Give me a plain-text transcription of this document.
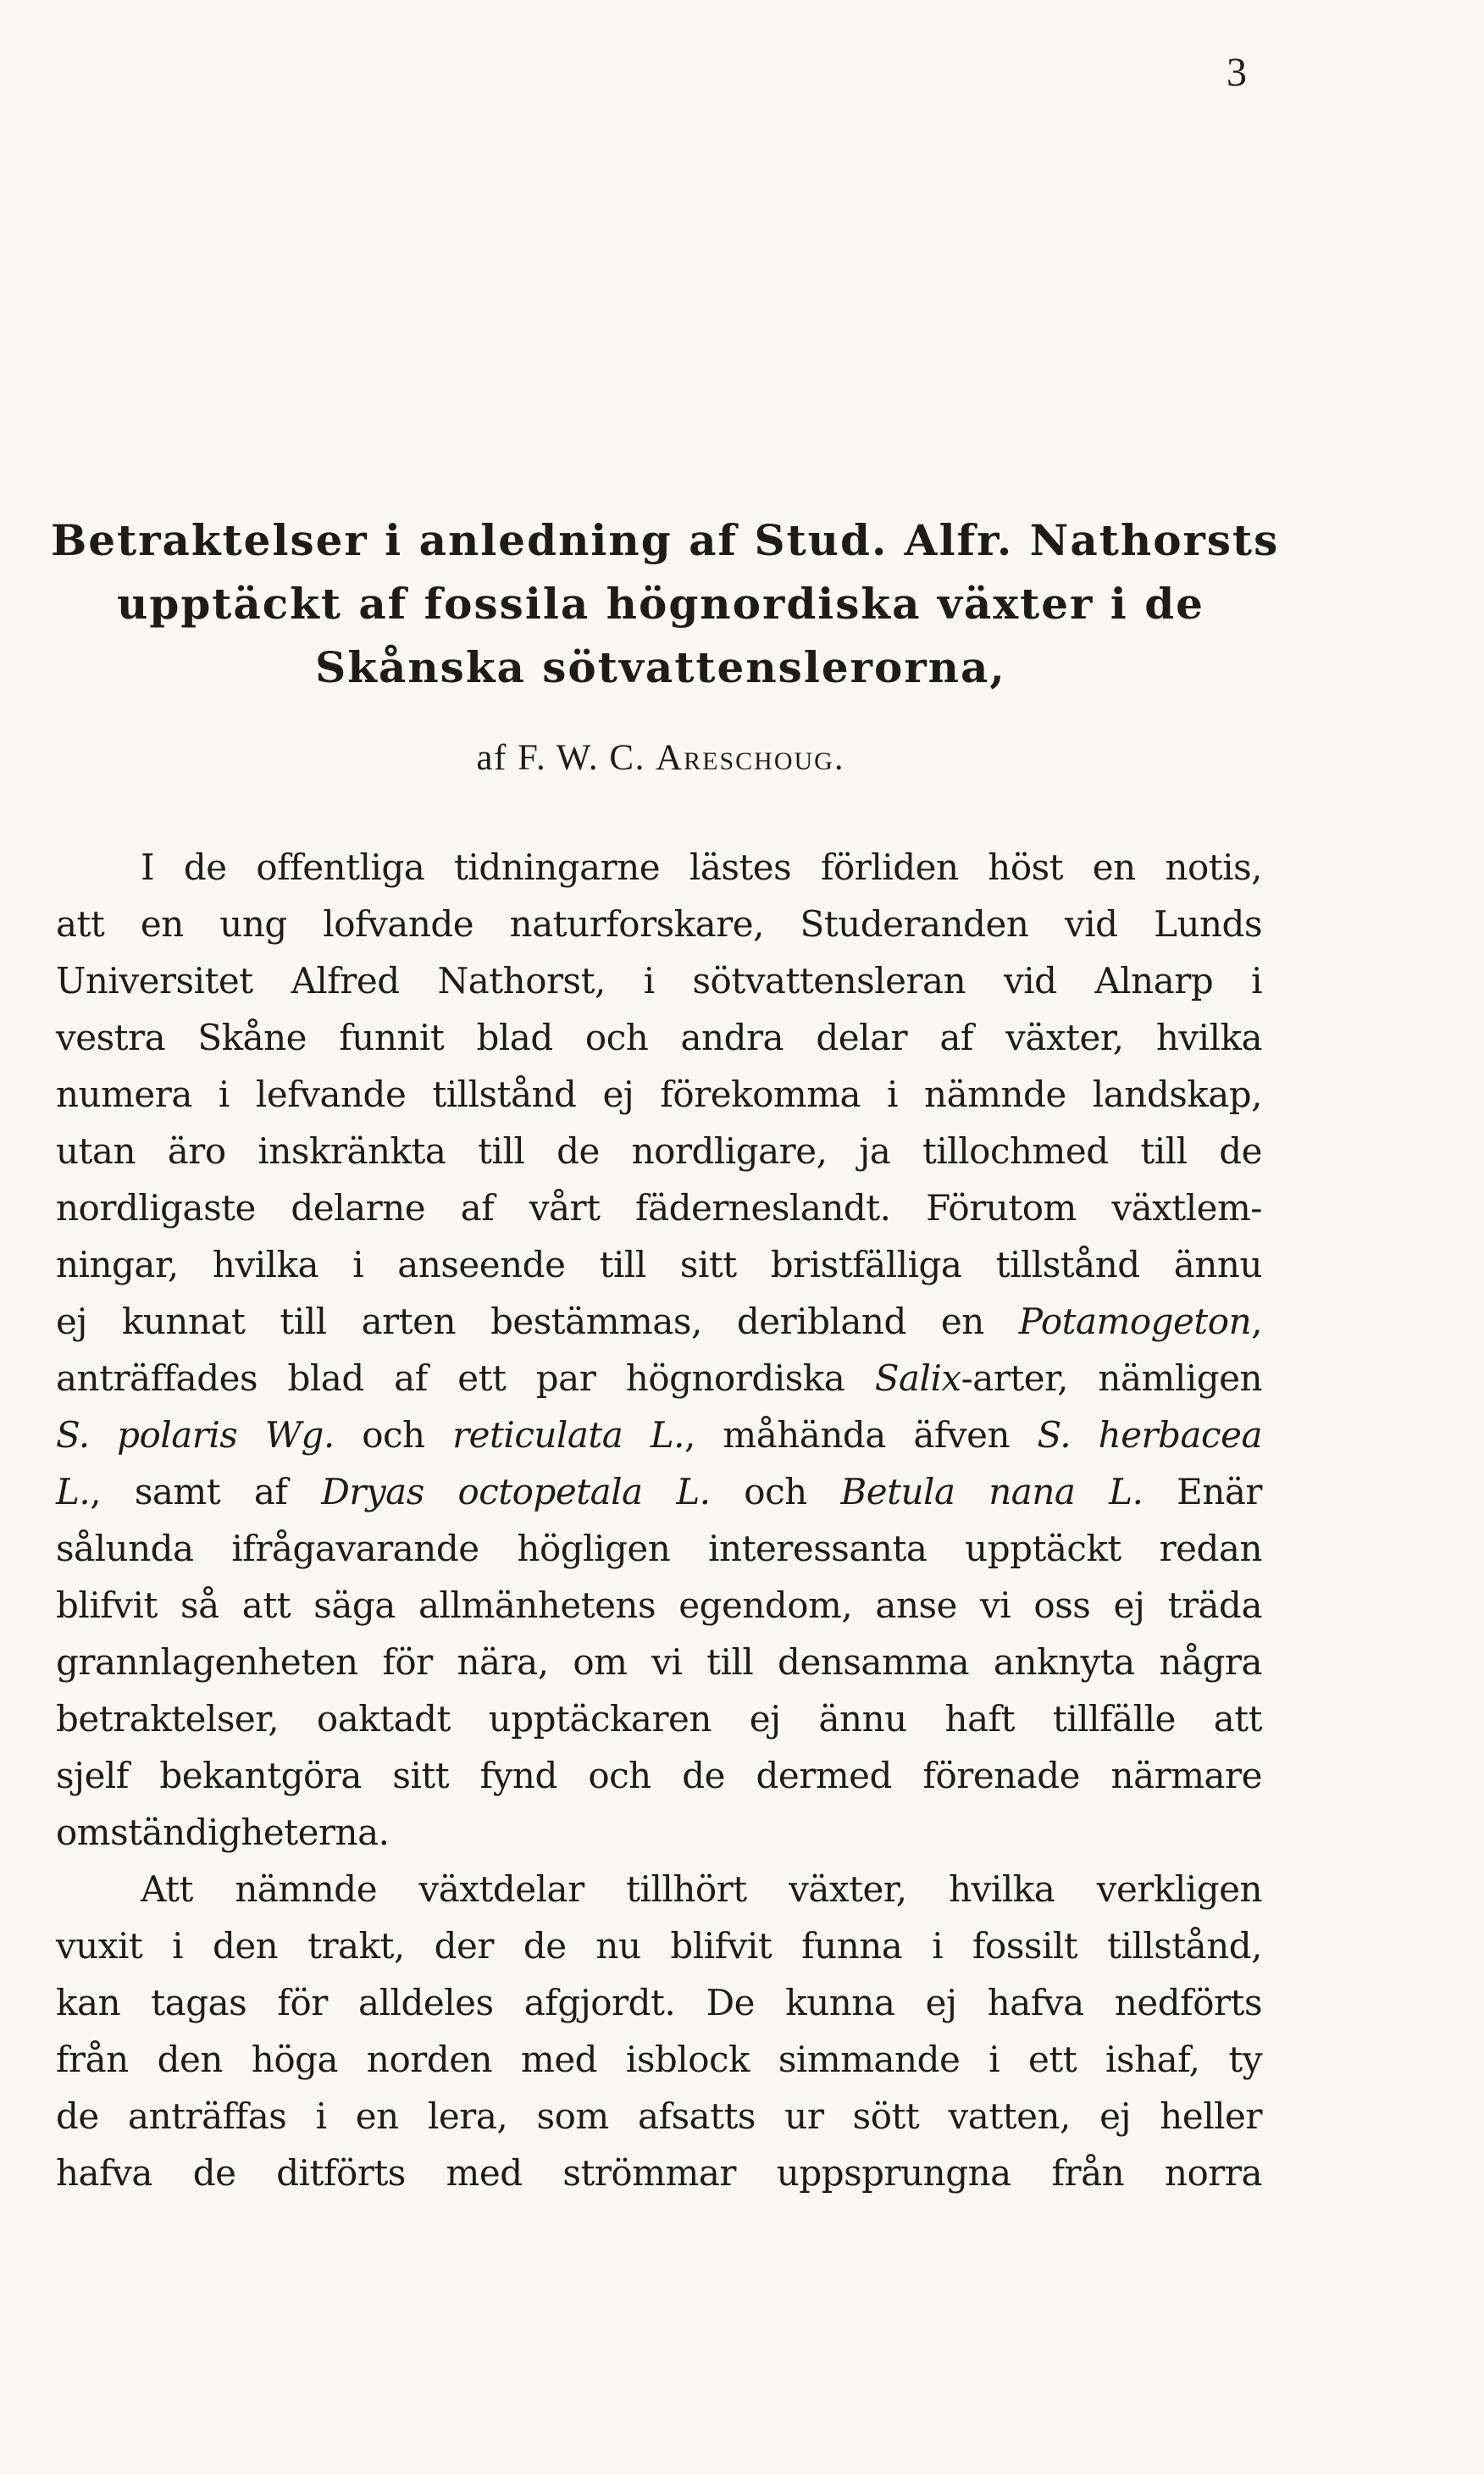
3
Betraktelser i anledning af Stud. Alfr. Nathorsts
upptäckt af fossila högnordiska växter i de
Skånska sötvattenslerorna,
af F. W. C. Areschoug.
I de offentliga tidningarne lästes förliden höst en notis,
att en ung lofvande naturforskare, Studeranden vid Lunds
Universitet Alfred Nathorst, i sötvattensleran vid Alnarp i
vestra Skåne funnit blad och andra delar af växter, hvilka
numera i lefvande tillstånd ej förekomma i nämnde landskap,
utan äro inskränkta till de nordligare, ja tillochmed till de
nordligaste delarne af vårt fäderneslandt. Förutom växtlem-
ningar, hvilka i anseende till sitt bristfälliga tillstånd ännu
ej kunnat till arten bestämmas, deribland en Potamogeton,
anträffades blad af ett par högnordiska Salix-arter, nämligen
S. polaris Wg. och reticulata L., måhända äfven S. herbacea
L., samt af Dryas octopetala L. och Betula nana L. Enär
sålunda ifrågavarande högligen interessanta upptäckt redan
blifvit så att säga allmänhetens egendom, anse vi oss ej träda
grannlagenheten för nära, om vi till densamma anknyta några
betraktelser, oaktadt upptäckaren ej ännu haft tillfälle att
sjelf bekantgöra sitt fynd och de dermed förenade närmare
omständigheterna.
Att nämnde växtdelar tillhört växter, hvilka verkligen
vuxit i den trakt, der de nu blifvit funna i fossilt tillstånd,
kan tagas för alldeles afgjordt. De kunna ej hafva nedförts
från den höga norden med isblock simmande i ett ishaf, ty
de anträffas i en lera, som afsatts ur sött vatten, ej heller
hafva de ditförts med strömmar uppsprungna från norra
